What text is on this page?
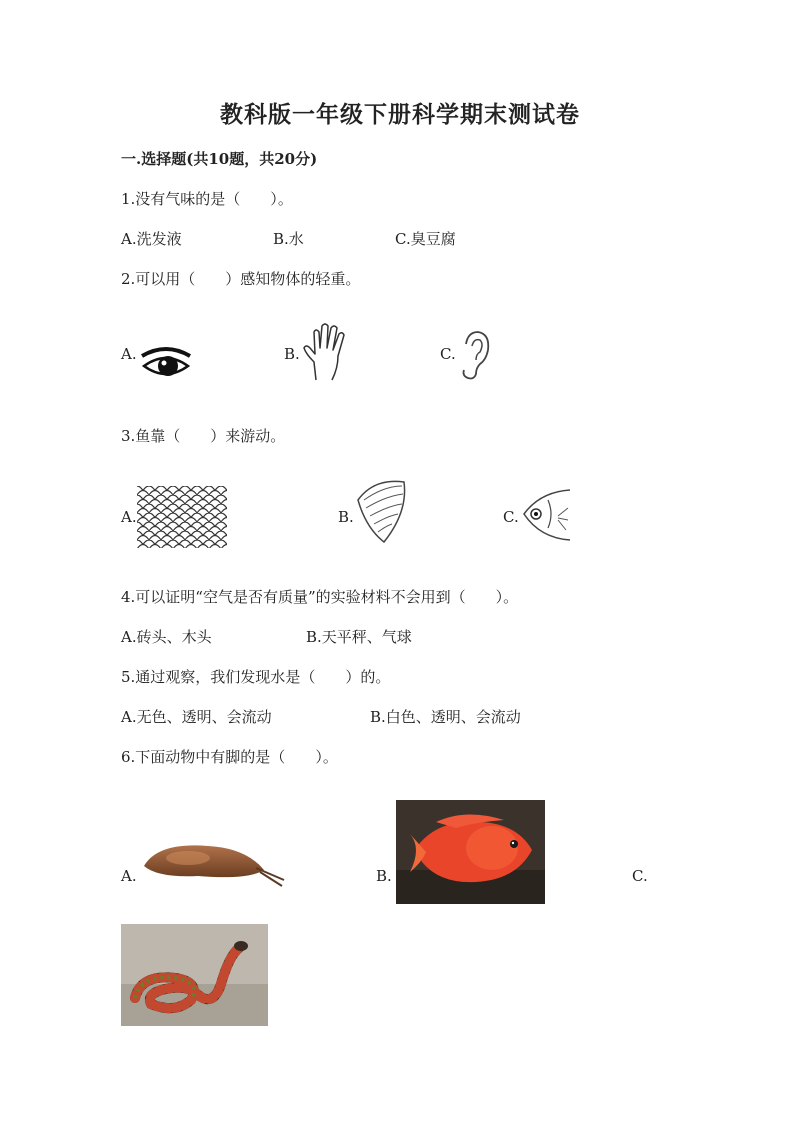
教科版一年级下册科学期末测试卷
一.选择题(共10题，共20分)
1.没有气味的是（　　）。
A.洗发液	B.水	C.臭豆腐
2.可以用（　　）感知物体的轻重。
A.	B.	C.
3.鱼靠（　　）来游动。
A.	B.	C.
4.可以证明“空气是否有质量”的实验材料不会用到（　　）。
A.砖头、木头	B.天平秤、气球
5.通过观察，我们发现水是（　　）的。
A.无色、透明、会流动	B.白色、透明、会流动
6.下面动物中有脚的是（　　）。
A.	B.	C.
